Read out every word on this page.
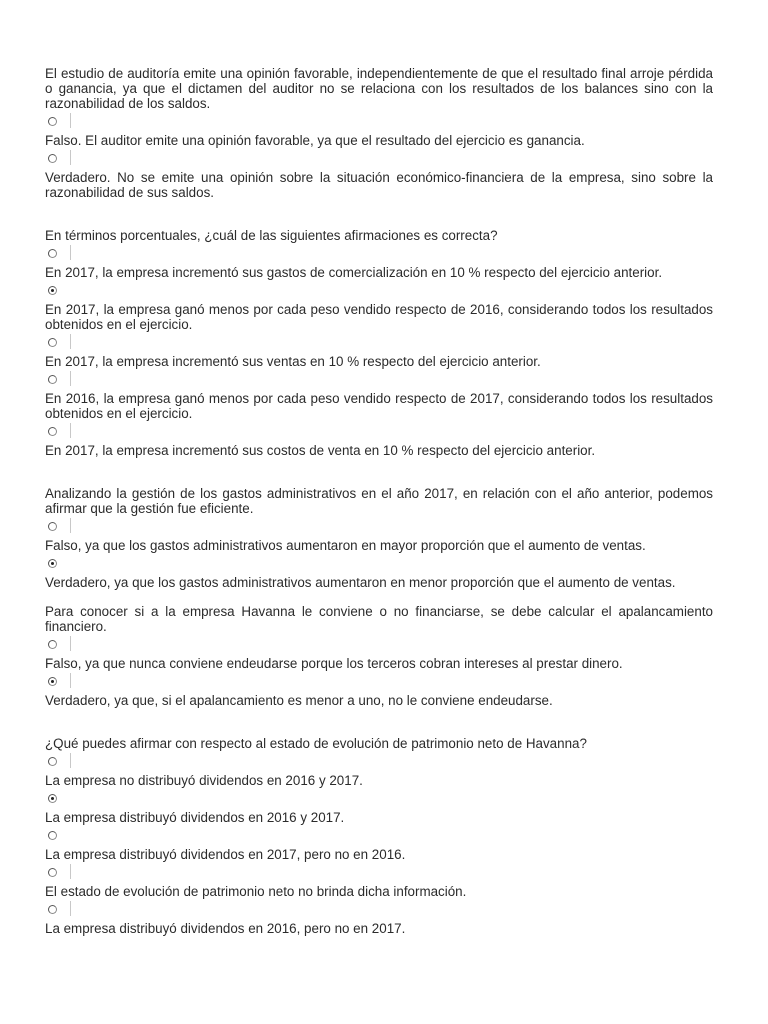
El estudio de auditoría emite una opinión favorable, independientemente de que el resultado final arroje pérdida o ganancia, ya que el dictamen del auditor no se relaciona con los resultados de los balances sino con la razonabilidad de los saldos.

Falso. El auditor emite una opinión favorable, ya que el resultado del ejercicio es ganancia.

Verdadero. No se emite una opinión sobre la situación económico-financiera de la empresa, sino sobre la razonabilidad de sus saldos.

En términos porcentuales, ¿cuál de las siguientes afirmaciones es correcta?

En 2017, la empresa incrementó sus gastos de comercialización en 10 % respecto del ejercicio anterior.

En 2017, la empresa ganó menos por cada peso vendido respecto de 2016, considerando todos los resultados obtenidos en el ejercicio.

En 2017, la empresa incrementó sus ventas en 10 % respecto del ejercicio anterior.

En 2016, la empresa ganó menos por cada peso vendido respecto de 2017, considerando todos los resultados obtenidos en el ejercicio.

En 2017, la empresa incrementó sus costos de venta en 10 % respecto del ejercicio anterior.

Analizando la gestión de los gastos administrativos en el año 2017, en relación con el año anterior, podemos afirmar que la gestión fue eficiente.

Falso, ya que los gastos administrativos aumentaron en mayor proporción que el aumento de ventas.

Verdadero, ya que los gastos administrativos aumentaron en menor proporción que el aumento de ventas.

Para conocer si a la empresa Havanna le conviene o no financiarse, se debe calcular el apalancamiento financiero.

Falso, ya que nunca conviene endeudarse porque los terceros cobran intereses al prestar dinero.

Verdadero, ya que, si el apalancamiento es menor a uno, no le conviene endeudarse.

¿Qué puedes afirmar con respecto al estado de evolución de patrimonio neto de Havanna?

La empresa no distribuyó dividendos en 2016 y 2017.

La empresa distribuyó dividendos en 2016 y 2017.

La empresa distribuyó dividendos en 2017, pero no en 2016.

El estado de evolución de patrimonio neto no brinda dicha información.

La empresa distribuyó dividendos en 2016, pero no en 2017.
